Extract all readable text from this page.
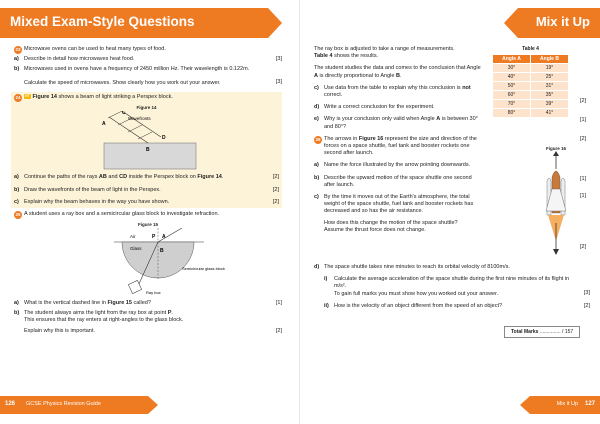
Mixed Exam-Style Questions
23 Microwave ovens can be used to heat many types of food.
a) Describe in detail how microwaves heat food.	[3]
b) Microwaves used in ovens have a frequency of 2450 million Hz. Their wavelength is 0.122m.
Calculate the speed of microwaves. Show clearly how you work out your answer.	[3]
24	HT Figure 14 shows a beam of light striking a Perspex block.
Figure 14
C
Wavefronts
A
B
D
a) Continue the paths of the rays AB and CD inside the Perspex block on Figure 14.	[2]
b) Draw the wavefronts of the beam of light in the Perspex.	[2]
c) Explain why the beam behaves in the way you have shown.	[2]
25 A student uses a ray box and a semicircular glass block to investigate refraction.
Figure 15
Air	P A
Glass	B
Semicircular glass block
Ray box
a) What is the vertical dashed line in Figure 15 called?	[1]
b) The student always aims the light from the ray box at point P.
This ensures that the ray enters at right-angles to the glass block.
Explain why this is important.	[2]
126 GCSE Physics Revision Guide
Mix it Up
Table 4
Angle A	Angle B
30°	19°
40°	25°
50°	31°
60°	35°
70°	39°
80°	41°
Figure 16
The ray box is adjusted to take a range of measurements.
Table 4 shows the results.
The student studies the data and comes to the conclusion that Angle A is directly proportional to Angle B.
c) Use data from the table to explain why this conclusion is not correct.
d) Write a correct conclusion for the experiment.
e) Why is your conclusion only valid when Angle A is between 30° and 80°?
26 The arrows in Figure 16 represent the size and direction of the forces on a space shuttle, fuel tank and booster rockets one second after launch.
a) Name the force illustrated by the arrow pointing downwards.
b) Describe the upward motion of the space shuttle one second after launch.
c) By the time it moves out of the Earth's atmosphere, the total weight of the space shuttle, fuel tank and booster rockets has decreased and so has the air resistance.
How does this change the motion of the space shuttle?
Assume the thrust force does not change.
d) The space shuttle takes nine minutes to reach its orbital velocity of 8100m/s.
i) Calculate the average acceleration of the space shuttle during the first nine minutes of its flight in m/s².
To gain full marks you must show how you worked out your answer.	[3]
ii) How is the velocity of an object different from the speed of an object?	[2]
[2]
[1]
[2]
[1]
[1]
[2]
Total Marks ............... / 157
Mix it Up 127
